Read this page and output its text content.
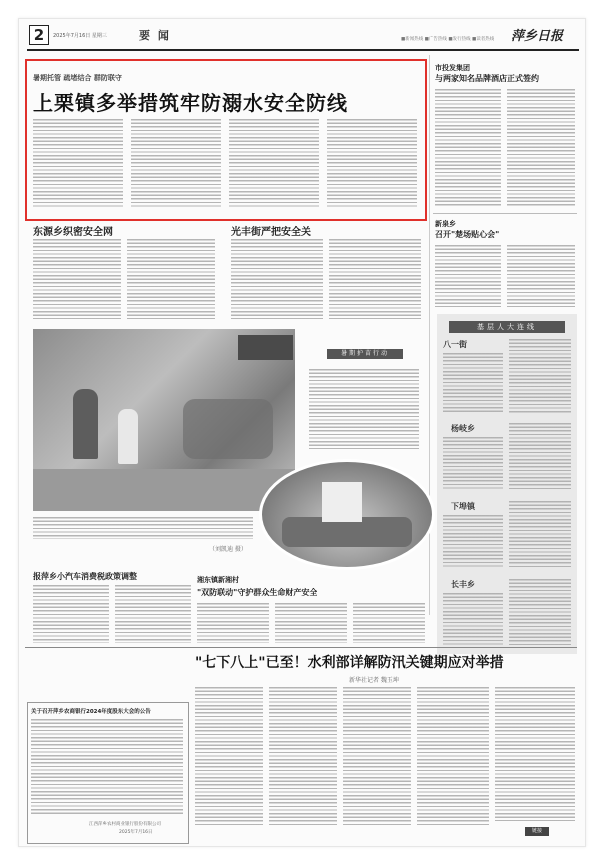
2	2025年7月16日 星期三	要 闻	■新闻热线 ■广告热线 ■发行热线 ■读者热线 萍乡日报
暑期托管 疏堵结合 群防联守
上栗镇多举措筑牢防溺水安全防线
市投发集团
与两家知名品牌酒店正式签约
新泉乡
召开"楚场贴心会"
东源乡织密安全网	光丰街严把安全关
暑期护苗行动
（刘凯迪 摄）
基层人大连线
八一街
杨岐乡
下埠镇
长丰乡
报萍乡小汽车消费税政策调整	湘东镇新湘村
"双防联动"守护群众生命财产安全
"七下八上"已至！水利部详解防汛关键期应对举措
新华社记者 魏玉坤
链接
关于召开萍乡农商银行2024年度股东大会的公告
江西萍乡农村商业银行股份有限公司
2025年7月16日
